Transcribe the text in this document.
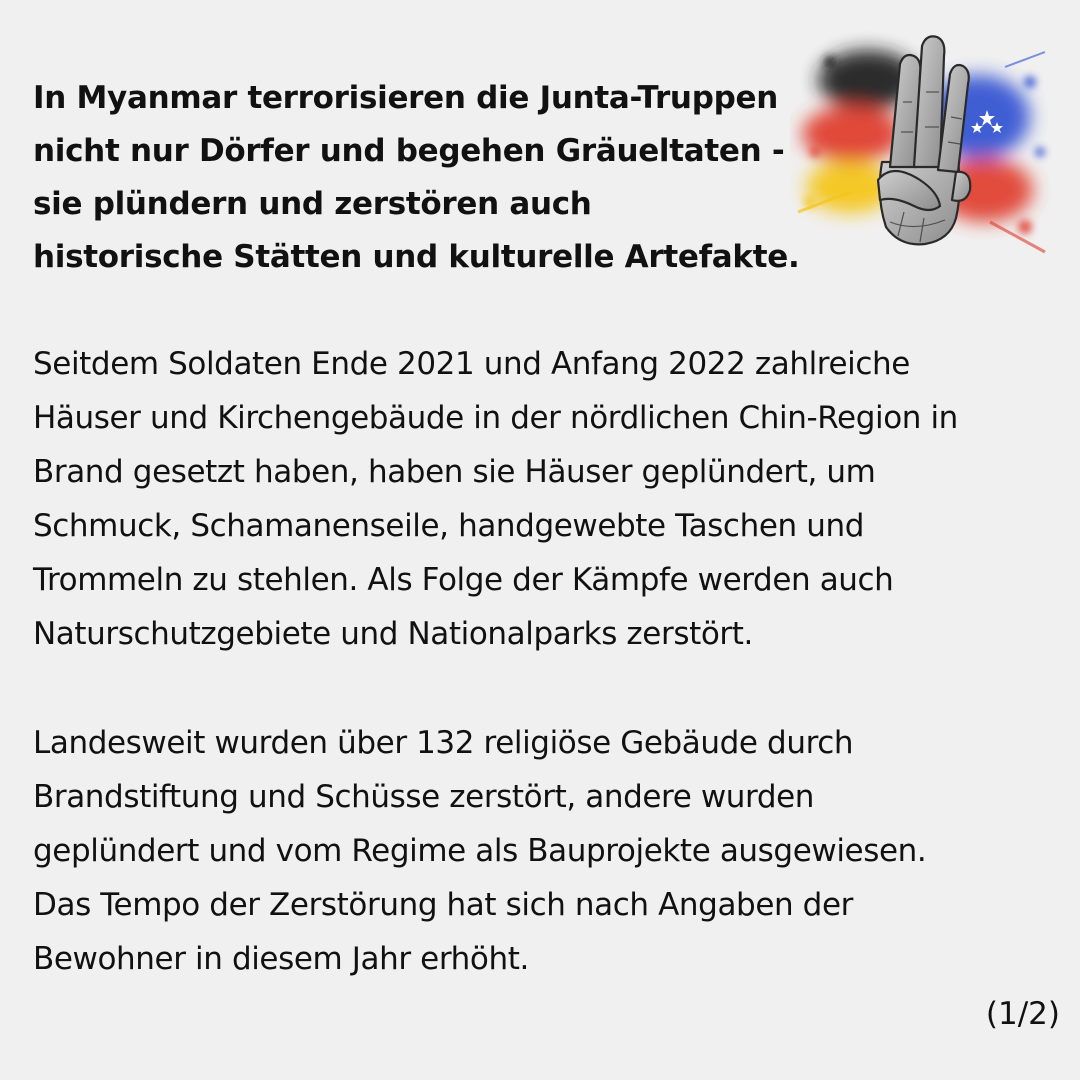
In Myanmar terrorisieren die Junta-Truppen
nicht nur Dörfer und begehen Gräueltaten -
sie plündern und zerstören auch
historische Stätten und kulturelle Artefakte.
Seitdem Soldaten Ende 2021 und Anfang 2022 zahlreiche
Häuser und Kirchengebäude in der nördlichen Chin-Region in
Brand gesetzt haben, haben sie Häuser geplündert, um
Schmuck, Schamanenseile, handgewebte Taschen und
Trommeln zu stehlen. Als Folge der Kämpfe werden auch
Naturschutzgebiete und Nationalparks zerstört.
Landesweit wurden über 132 religiöse Gebäude durch
Brandstiftung und Schüsse zerstört, andere wurden
geplündert und vom Regime als Bauprojekte ausgewiesen.
Das Tempo der Zerstörung hat sich nach Angaben der
Bewohner in diesem Jahr erhöht.
(1/2)
